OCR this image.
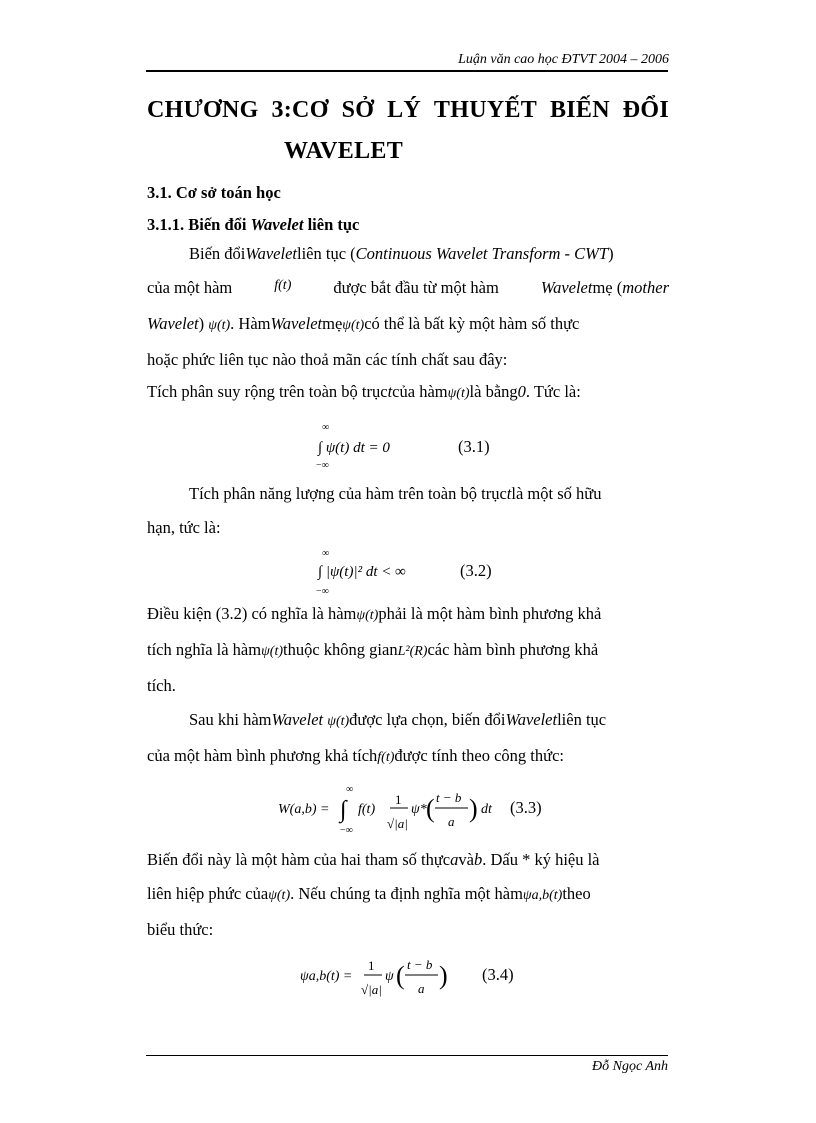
Luận văn cao học ĐTVT 2004 – 2006
CHƯƠNG 3:CƠ SỞ LÝ THUYẾT BIẾN ĐỔI
WAVELET
3.1. Cơ sở toán học
3.1.1. Biến đổi Wavelet liên tục
Biến đổiWaveletliên tục (Continuous Wavelet Transform - CWT)
của một hàm	f(t)	được bắt đầu từ một hàm	Waveletmẹ (mother
Wavelet) ψ(t). HàmWaveletmẹψ(t)có thể là bất kỳ một hàm số thực
hoặc phức liên tục nào thoả mãn các tính chất sau đây:
Tích phân suy rộng trên toàn bộ trụctcủa hàmψ(t)là bằng0. Tức là:
∞
−∞
∫ ψ(t) dt = 0	(3.1)
Tích phân năng lượng của hàm trên toàn bộ trụctlà một số hữu
hạn, tức là:
∞
−∞
∫ |ψ(t)|² dt < ∞	(3.2)
Điều kiện (3.2) có nghĩa là hàmψ(t)phải là một hàm bình phương khả
tích nghĩa là hàmψ(t)thuộc không gianL²(R)các hàm bình phương khả
tích.
Sau khi hàmWavelet ψ(t)được lựa chọn, biến đổiWaveletliên tục
của một hàm bình phương khả tíchf(t)được tính theo công thức:
W(a,b) =
∞
−∞
∫ f(t)
1
√|a|
ψ* ( t − b
a ) dt (3.3)
Biến đổi này là một hàm của hai tham số thựcavàb. Dấu * ký hiệu là
liên hiệp phức củaψ(t). Nếu chúng ta định nghĩa một hàmψa,b(t)theo
biểu thức:
ψa,b(t) =
1
√|a|
ψ ( t − b
a ) (3.4)
Đỗ Ngọc Anh
